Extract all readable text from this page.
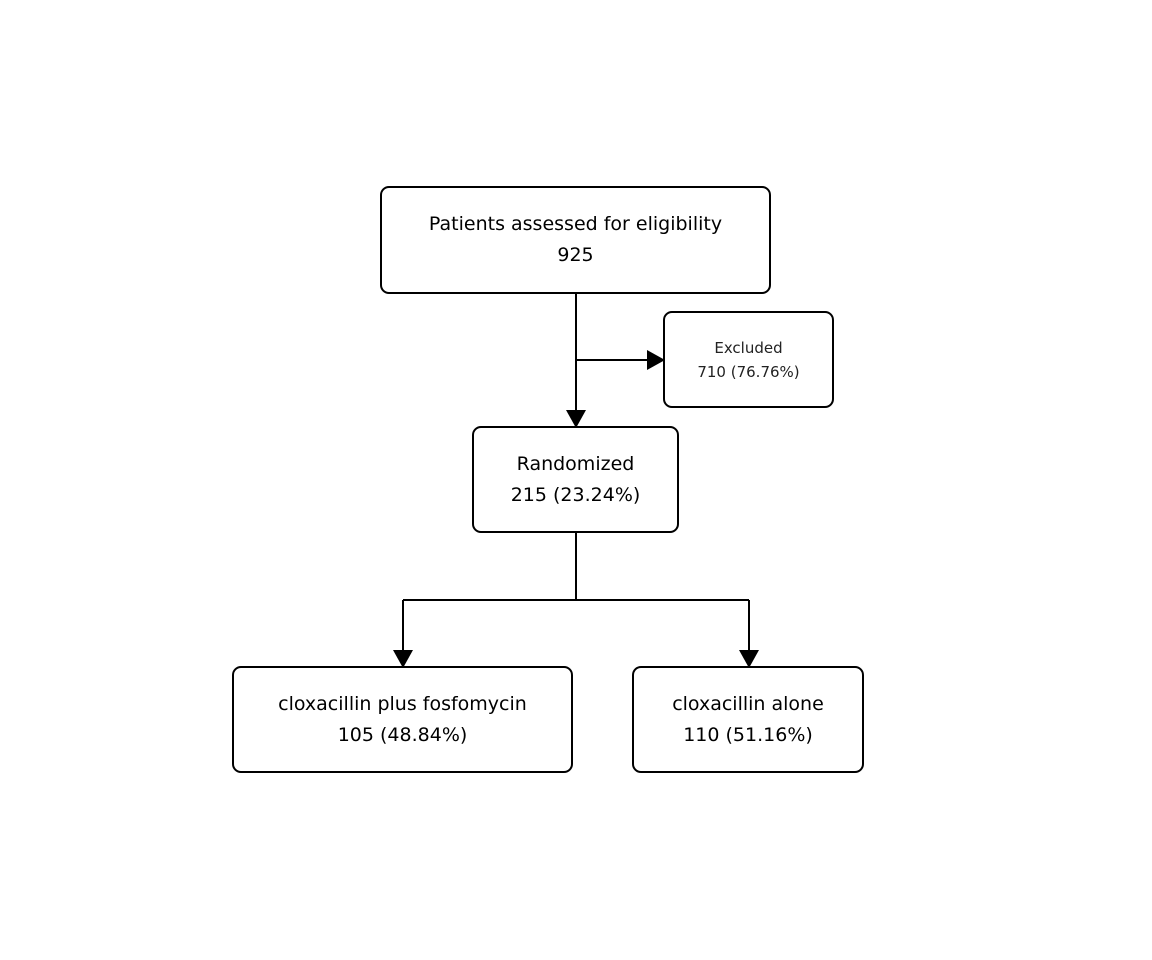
Patients assessed for eligibility
925
Excluded
710 (76.76%)
Randomized
215 (23.24%)
cloxacillin plus fosfomycin
105 (48.84%)
cloxacillin alone
110 (51.16%)
